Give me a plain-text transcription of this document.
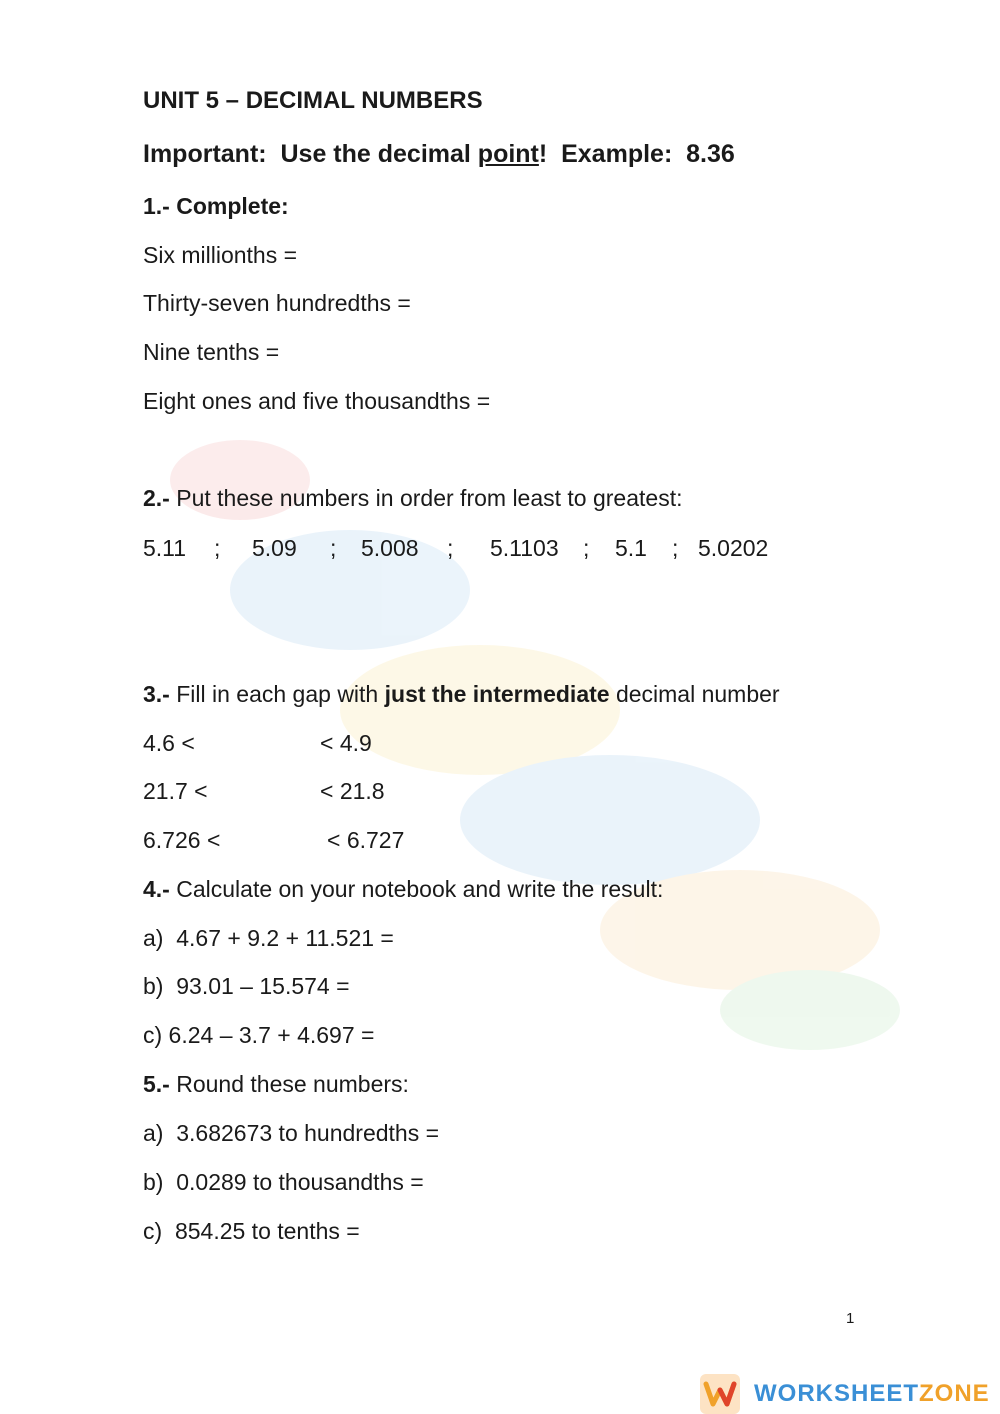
UNIT 5 – DECIMAL NUMBERS
Important:  Use the decimal point!  Example:  8.36
1.- Complete:
Six millionths =
Thirty-seven hundredths =
Nine tenths =
Eight ones and five thousandths =
2.- Put these numbers in order from least to greatest:
5.11 ; 5.09 ; 5.008 ; 5.1103 ; 5.1 ; 5.0202
3.- Fill in each gap with just the intermediate decimal number
4.6 <	< 4.9
21.7 <	< 21.8
6.726 <	< 6.727
4.- Calculate on your notebook and write the result:
a)  4.67 + 9.2 + 11.521 =
b)  93.01 – 15.574 =
c) 6.24 – 3.7 + 4.697 =
5.- Round these numbers:
a)  3.682673 to hundredths =
b)  0.0289 to thousandths =
c)  854.25 to tenths =
1
WORKSHEETZONE
